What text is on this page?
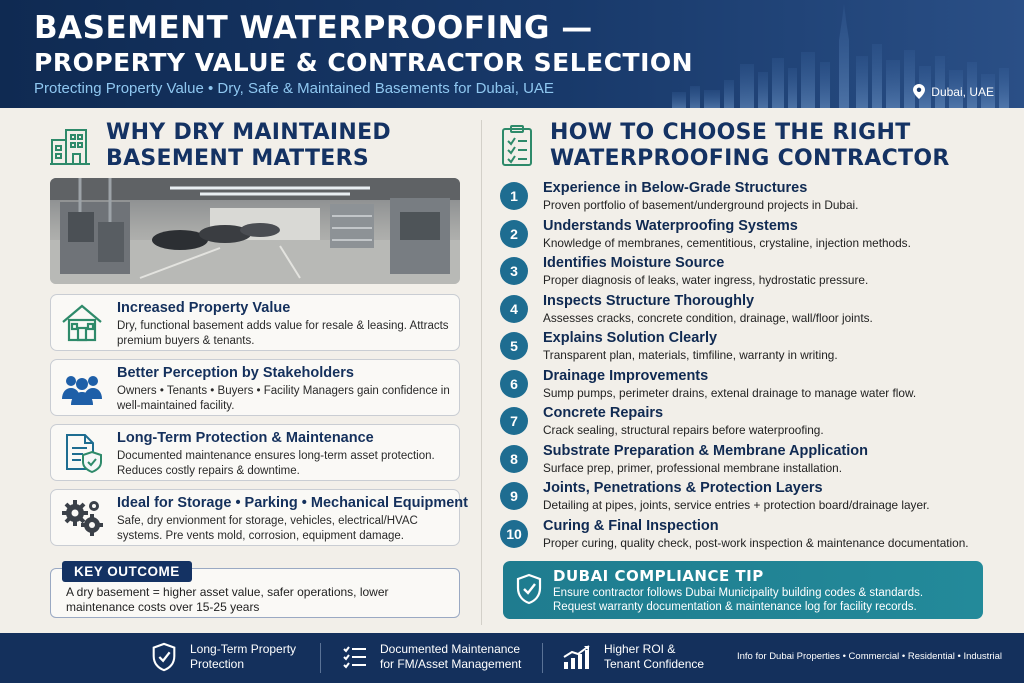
BASEMENT WATERPROOFING —
PROPERTY VALUE & CONTRACTOR SELECTION
Protecting Property Value • Dry, Safe & Maintained Basements for Dubai, UAE	Dubai, UAE
WHY DRY MAINTAINED
BASEMENT MATTERS
Increased Property Value
Dry, functional basement adds value for resale & leasing. Attracts premium buyers & tenants.
Better Perception by Stakeholders
Owners • Tenants • Buyers • Facility Managers gain confidence in well-maintained facility.
Long-Term Protection & Maintenance
Documented maintenance ensures long-term asset protection. Reduces costly repairs & downtime.
Ideal for Storage • Parking • Mechanical Equipment
Safe, dry envionment for storage, vehicles, electrical/HVAC systems. Pre vents mold, corrosion, equipment damage.
KEY OUTCOME
A dry basement = higher asset value, safer operations, lower maintenance costs over 15-25 years
HOW TO CHOOSE THE RIGHT
WATERPROOFING CONTRACTOR
1	Experience in Below-Grade Structures
Proven portfolio of basement/underground projects in Dubai.
2	Understands Waterproofing Systems
Knowledge of membranes, cementitious, crystaline, injection methods.
3	Identifies Moisture Source
Proper diagnosis of leaks, water ingress, hydrostatic pressure.
4	Inspects Structure Thoroughly
Assesses cracks, concrete condition, drainage, wall/floor joints.
5	Explains Solution Clearly
Transparent plan, materials, timfiline, warranty in writing.
6	Drainage Improvements
Sump pumps, perimeter drains, extenal drainage to manage water flow.
7	Concrete Repairs
Crack sealing, structural repairs before waterproofing.
8	Substrate Preparation & Membrane Application
Surface prep, primer, professional membrane installation.
9	Joints, Penetrations & Protection Layers
Detailing at pipes, joints, service entries + protection board/drainage layer.
10	Curing & Final Inspection
Proper curing, quality check, post-work inspection & maintenance documentation.
DUBAI COMPLIANCE TIP
Ensure contractor follows Dubai Municipality building codes & standards.
Request warranty documentation & maintenance log for facility records.
Long-Term Property
Protection
Documented Maintenance
for FM/Asset Management
Higher ROI &
Tenant Confidence
Info for Dubai Properties • Commercial • Residential • Industrial
